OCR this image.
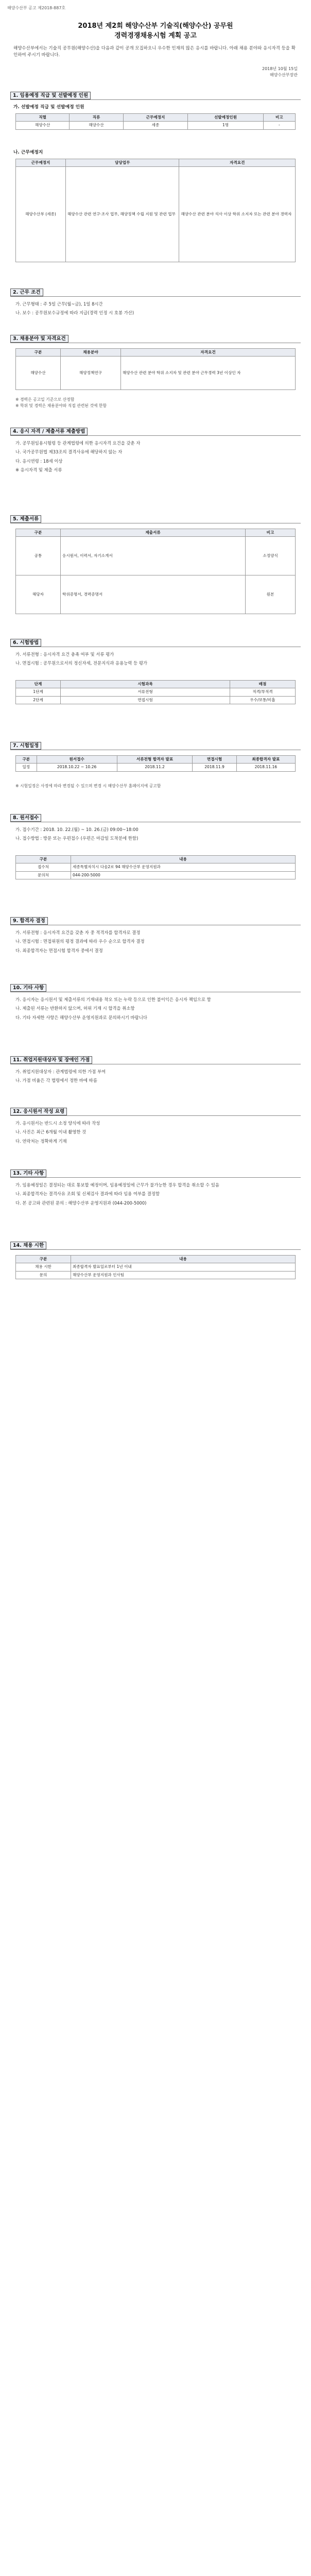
해양수산부 공고 제2018-887호
2018년 제2회 해양수산부 기술직(해양수산) 공무원
경력경쟁채용시험 계획 공고
해양수산부에서는 기술직 공무원(해양수산)을 다음과 같이 공개 모집하오니 우수한 인재의 많은 응시를 바랍니다. 아래 채용 분야와 응시자격 등을 확인하여 주시기 바랍니다.
2018년 10월 15일
해양수산부장관
1. 임용예정 직급 및 선발예정 인원
가. 선발예정 직급 및 선발예정 인원
직렬	직류	근무예정지	선발예정인원	비고
해양수산	해양수산	세종	1명	-
나. 근무예정지
근무예정지	담당업무	자격요건
해양수산부 (세종)	해양수산 관련 연구·조사 업무, 해양정책 수립 지원 및 관련 업무	해양수산 관련 분야 석사 이상 학위 소지자 또는 관련 분야 경력자
2. 근무 조건

가. 근무형태 : 주 5일 근무(월~금), 1일 8시간

나. 보수 : 공무원보수규정에 따라 지급(경력 인정 시 호봉 가산)

3. 채용분야 및 자격요건
구분	채용분야	자격요건
해양수산	해양정책연구	해양수산 관련 분야 학위 소지자 및 관련 분야 근무경력 3년 이상인 자
※ 경력은 공고일 기준으로 산정함
※ 학위 및 경력은 채용분야와 직접 관련된 것에 한함
4. 응시 자격 / 제출서류 제출방법

가. 공무원임용시험령 등 관계법령에 의한 응시자격 요건을 갖춘 자

나. 국가공무원법 제33조의 결격사유에 해당하지 않는 자

다. 응시연령 : 18세 이상

※ 응시자격 및 제출 서류

5. 제출서류
구분	제출서류	비고
공통	응시원서, 이력서, 자기소개서	소정양식
해당자	학위증명서, 경력증명서	원본
6. 시험방법

가. 서류전형 : 응시자격 요건 충족 여부 및 서류 평가

나. 면접시험 : 공무원으로서의 정신자세, 전문지식과 응용능력 등 평가

단계	시험과목	배점
1단계	서류전형	적격/부적격
2단계	면접시험	우수/보통/미흡
7. 시험일정
구분	원서접수	서류전형 합격자 발표	면접시험	최종합격자 발표
일정	2018.10.22 ~ 10.26	2018.11.2	2018.11.9	2018.11.16
※ 시험일정은 사정에 따라 변경될 수 있으며 변경 시 해양수산부 홈페이지에 공고함
8. 원서접수

가. 접수기간 : 2018. 10. 22.(월) ~ 10. 26.(금) 09:00~18:00

나. 접수방법 : 방문 또는 우편접수 (우편은 마감일 도착분에 한함)

구분	내용
접수처	세종특별자치시 다솜2로 94 해양수산부 운영지원과
문의처	044-200-5000
9. 합격자 결정

가. 서류전형 : 응시자격 요건을 갖춘 자 중 적격자를 합격자로 결정

나. 면접시험 : 면접위원의 평정 결과에 따라 우수 순으로 합격자 결정

다. 최종합격자는 면접시험 합격자 중에서 결정

10. 기타 사항

가. 응시자는 응시원서 및 제출서류의 기재내용 착오 또는 누락 등으로 인한 불이익은 응시자 책임으로 함

나. 제출된 서류는 반환하지 않으며, 허위 기재 시 합격을 취소함

다. 기타 자세한 사항은 해양수산부 운영지원과로 문의하시기 바랍니다

11. 취업지원대상자 및 장애인 가점

가. 취업지원대상자 : 관계법령에 의한 가점 부여

나. 가점 비율은 각 법령에서 정한 바에 따름

12. 응시원서 작성 요령

가. 응시원서는 반드시 소정 양식에 따라 작성

나. 사진은 최근 6개월 이내 촬영한 것

다. 연락처는 정확하게 기재

13. 기타 사항

가. 임용예정일은 결정되는 대로 통보할 예정이며, 임용예정일에 근무가 불가능한 경우 합격을 취소할 수 있음

나. 최종합격자는 결격사유 조회 및 신체검사 결과에 따라 임용 여부를 결정함

다. 본 공고와 관련된 문의 : 해양수산부 운영지원과 (044-200-5000)

14. 채용 시한
구분	내용
채용 시한	최종합격자 발표일로부터 1년 이내
문의	해양수산부 운영지원과 인사팀
